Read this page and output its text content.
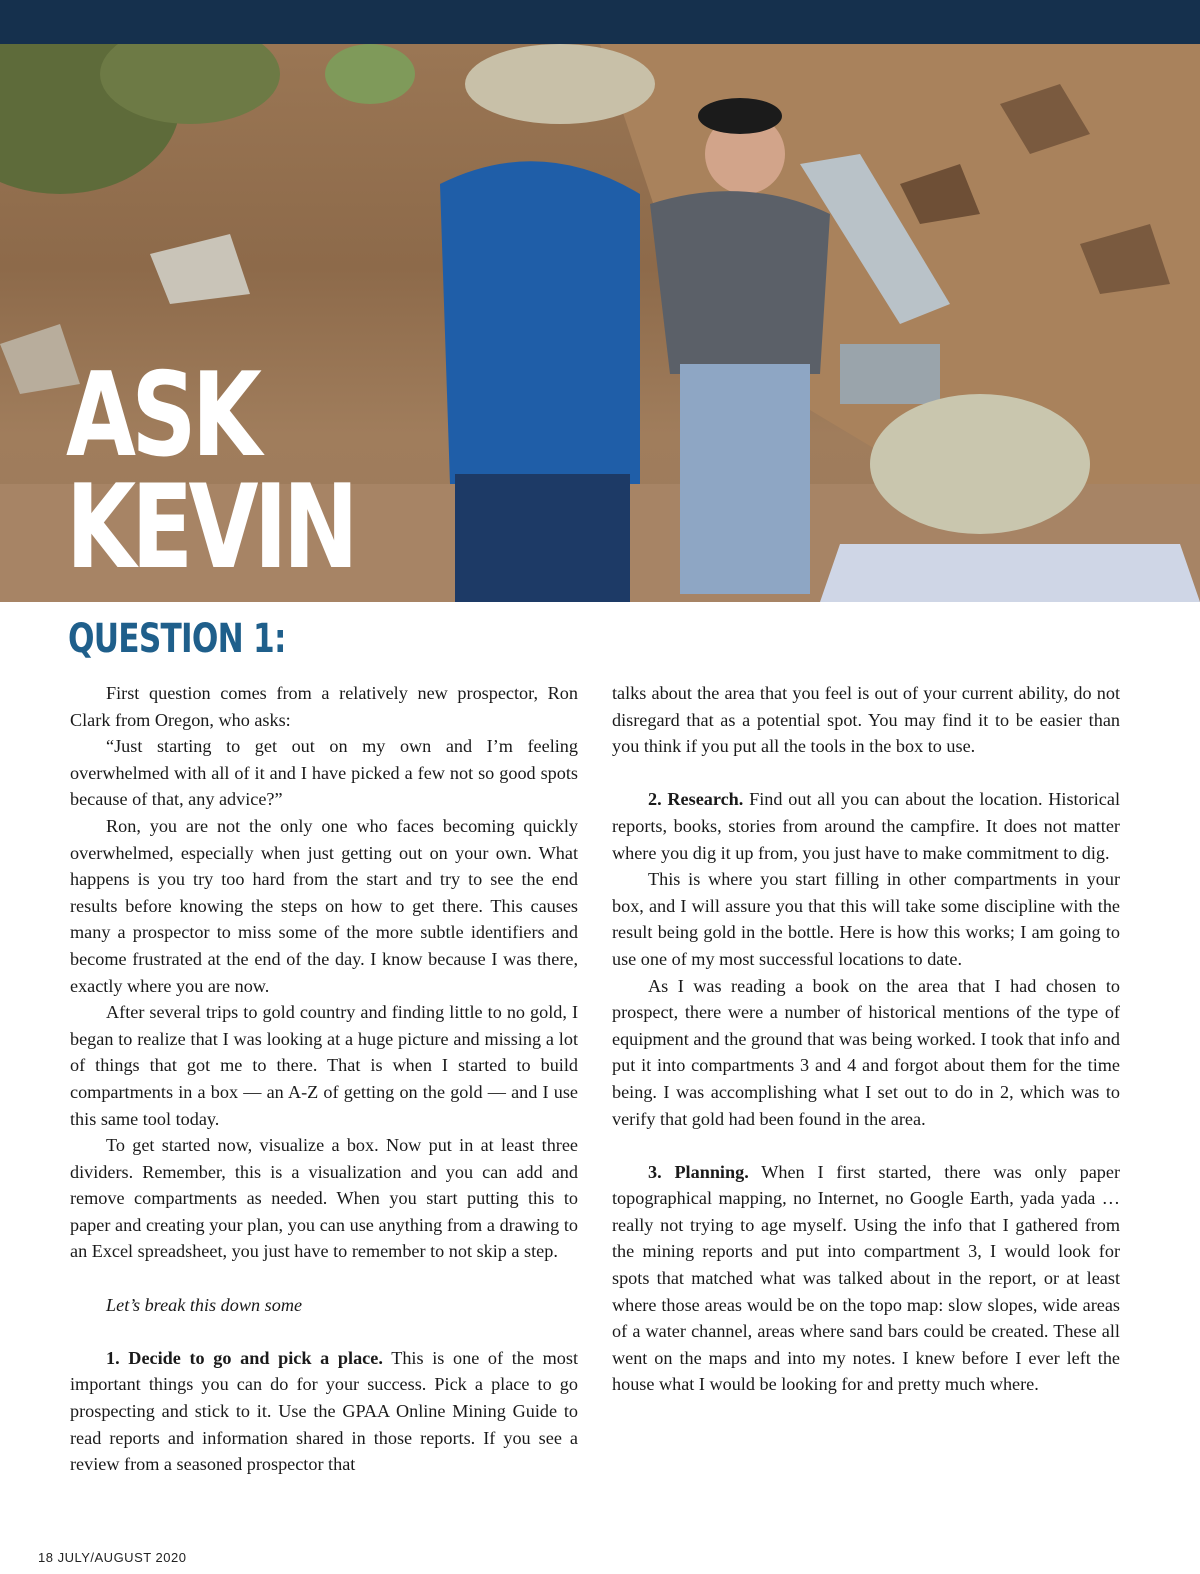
ASK
KEVIN
QUESTION 1:

First question comes from a relatively new prospector, Ron Clark from Oregon, who asks:

“Just starting to get out on my own and I’m feeling overwhelmed with all of it and I have picked a few not so good spots because of that, any advice?”

Ron, you are not the only one who faces becoming quickly overwhelmed, especially when just getting out on your own. What happens is you try too hard from the start and try to see the end results before knowing the steps on how to get there. This causes many a prospector to miss some of the more subtle identifiers and become frustrated at the end of the day. I know because I was there, exactly where you are now.

After several trips to gold country and finding little to no gold, I began to realize that I was looking at a huge picture and missing a lot of things that got me to there. That is when I started to build compartments in a box — an A-Z of getting on the gold — and I use this same tool today.

To get started now, visualize a box. Now put in at least three dividers. Remember, this is a visualization and you can add and remove compartments as needed. When you start putting this to paper and creating your plan, you can use anything from a drawing to an Excel spreadsheet, you just have to remember to not skip a step.

Let’s break this down some

1. Decide to go and pick a place. This is one of the most important things you can do for your success. Pick a place to go prospecting and stick to it. Use the GPAA Online Mining Guide to read reports and information shared in those reports. If you see a review from a seasoned prospector that

talks about the area that you feel is out of your current ability, do not disregard that as a potential spot. You may find it to be easier than you think if you put all the tools in the box to use.

2. Research. Find out all you can about the location. Historical reports, books, stories from around the campfire. It does not matter where you dig it up from, you just have to make commitment to dig.

This is where you start filling in other compartments in your box, and I will assure you that this will take some discipline with the result being gold in the bottle. Here is how this works; I am going to use one of my most successful locations to date.

As I was reading a book on the area that I had chosen to prospect, there were a number of historical mentions of the type of equipment and the ground that was being worked. I took that info and put it into compartments 3 and 4 and forgot about them for the time being. I was accomplishing what I set out to do in 2, which was to verify that gold had been found in the area.

3. Planning. When I first started, there was only paper topographical mapping, no Internet, no Google Earth, yada yada … really not trying to age myself. Using the info that I gathered from the mining reports and put into compartment 3, I would look for spots that matched what was talked about in the report, or at least where those areas would be on the topo map: slow slopes, wide areas of a water channel, areas where sand bars could be created. These all went on the maps and into my notes. I knew before I ever left the house what I would be looking for and pretty much where.

18 JULY/AUGUST 2020
